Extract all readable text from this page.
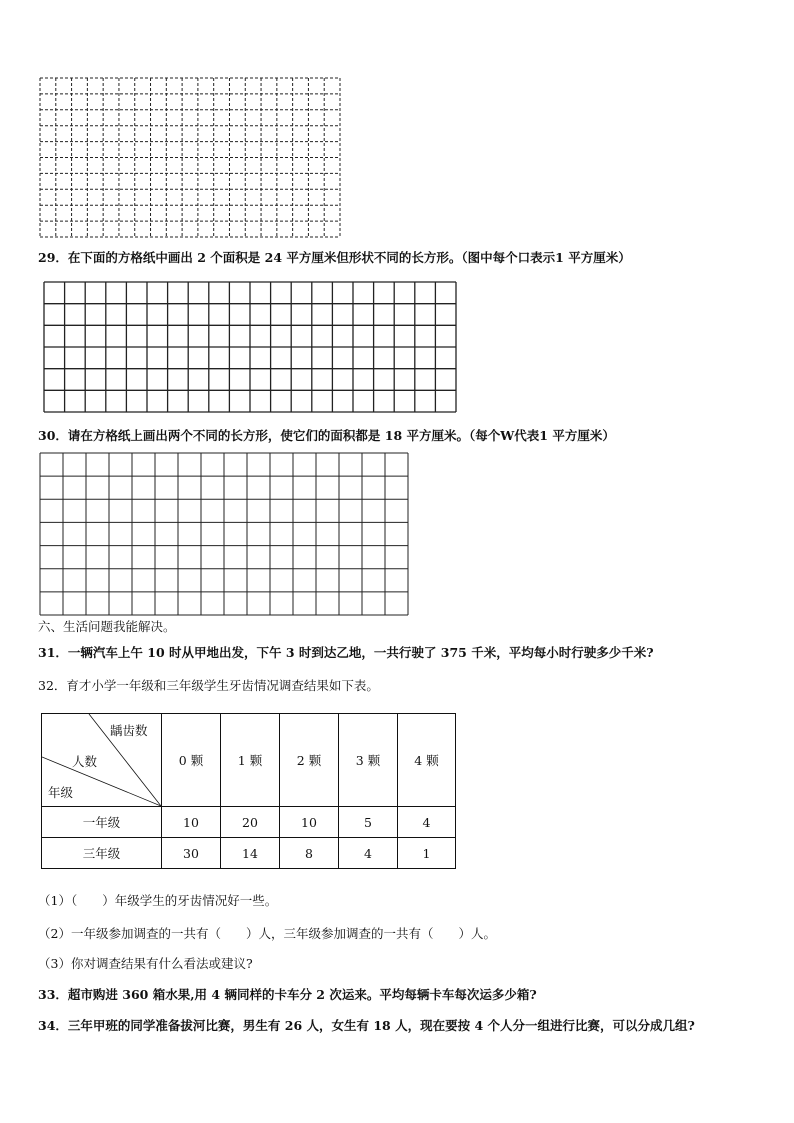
29．在下面的方格纸中画出 2 个面积是 24 平方厘米但形状不同的长方形。（图中每个口表示1 平方厘米）
30．请在方格纸上画出两个不同的长方形，使它们的面积都是 18 平方厘米。（每个W代表1 平方厘米）
六、生活问题我能解决。
31．一辆汽车上午 10 时从甲地出发，下午 3 时到达乙地，一共行驶了 375 千米，平均每小时行驶多少千米?
32．育才小学一年级和三年级学生牙齿情况调查结果如下表。
龋齿数
人数
年级	0 颗	1 颗	2 颗	3 颗	4 颗
一年级	10	20	10	5	4
三年级	30	14	8	4	1
（1）（　　）年级学生的牙齿情况好一些。
（2）一年级参加调查的一共有（　　）人，三年级参加调查的一共有（　　）人。
（3）你对调查结果有什么看法或建议?
33．超市购进 360 箱水果,用 4 辆同样的卡车分 2 次运来。平均每辆卡车每次运多少箱?
34．三年甲班的同学准备拔河比赛，男生有 26 人，女生有 18 人，现在要按 4 个人分一组进行比赛，可以分成几组?
